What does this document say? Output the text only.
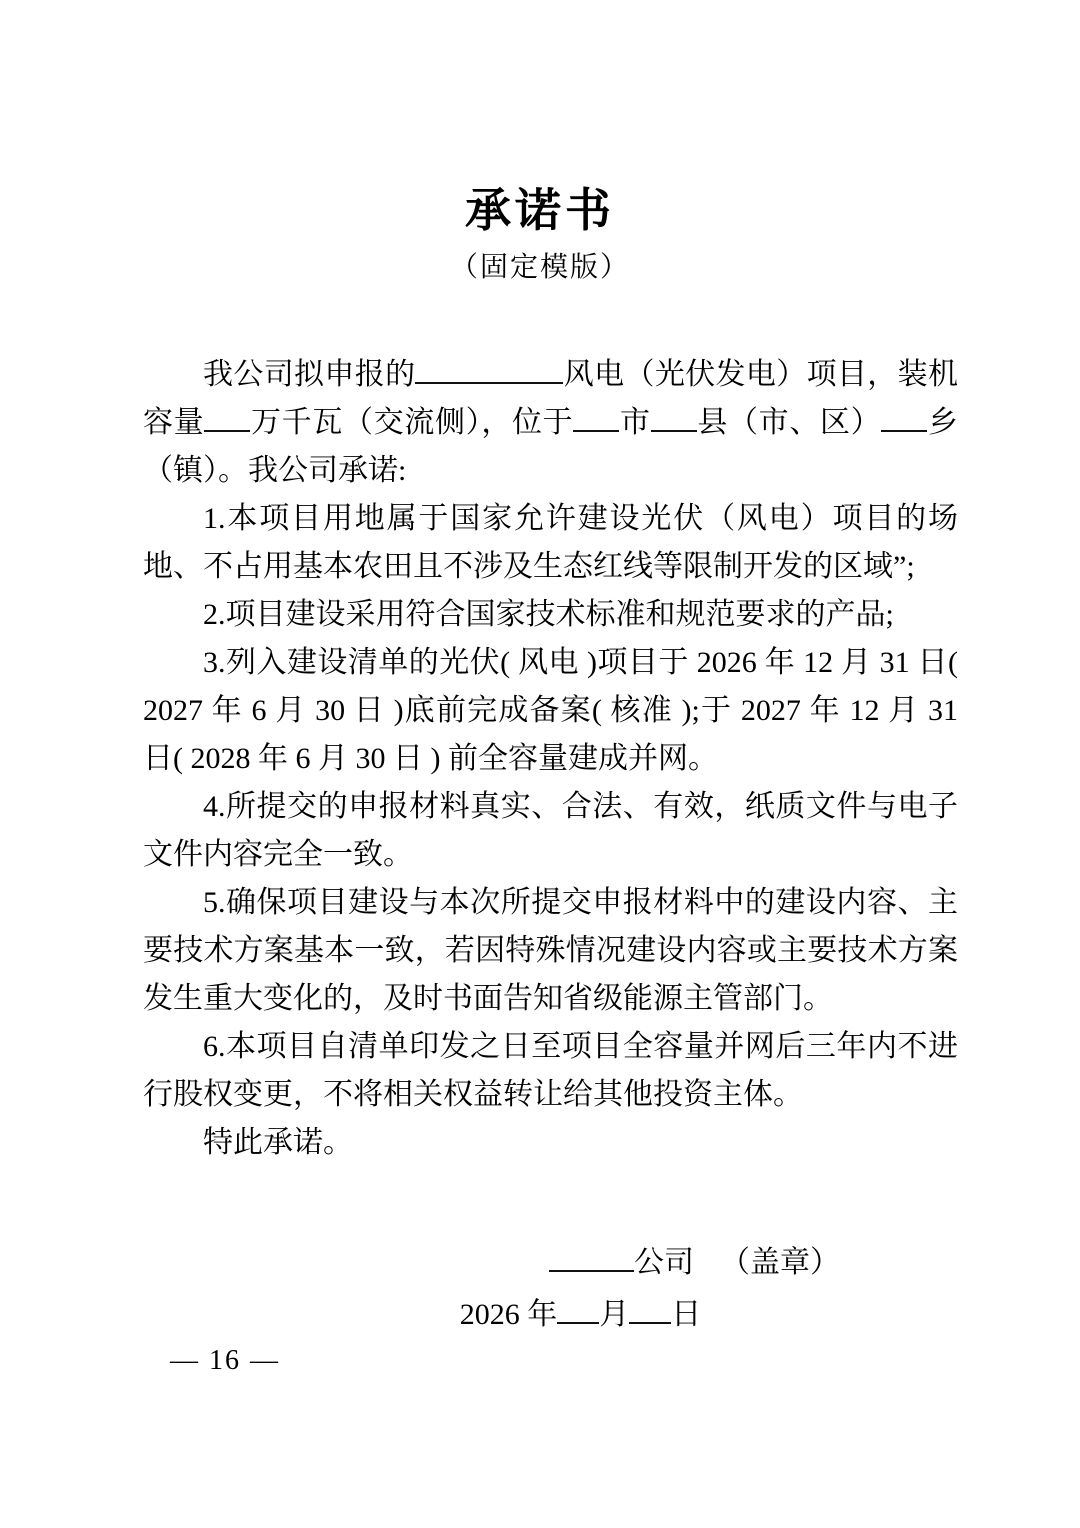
承诺书
（固定模版）

我公司拟申报的	风电（光伏发电）项目，装机容量 万千瓦（交流侧），位于 市 县（市、区） 乡（镇）。我公司承诺:

1.本项目用地属于国家允许建设光伏（风电）项目的场地、不占用基本农田且不涉及生态红线等限制开发的区域”;

2.项目建设采用符合国家技术标准和规范要求的产品;

3.列入建设清单的光伏( 风电 )项目于 2026 年 12 月 31 日( 2027 年 6 月 30 日 )底前完成备案( 核准 );于 2027 年 12 月 31 日( 2028 年 6 月 30 日 ) 前全容量建成并网。

4.所提交的申报材料真实、合法、有效，纸质文件与电子文件内容完全一致。

5.确保项目建设与本次所提交申报材料中的建设内容、主要技术方案基本一致，若因特殊情况建设内容或主要技术方案发生重大变化的，及时书面告知省级能源主管部门。

6.本项目自清单印发之日至项目全容量并网后三年内不进行股权变更，不将相关权益转让给其他投资主体。

特此承诺。

公司 （盖章）
2026 年 月 日
— 16 —
